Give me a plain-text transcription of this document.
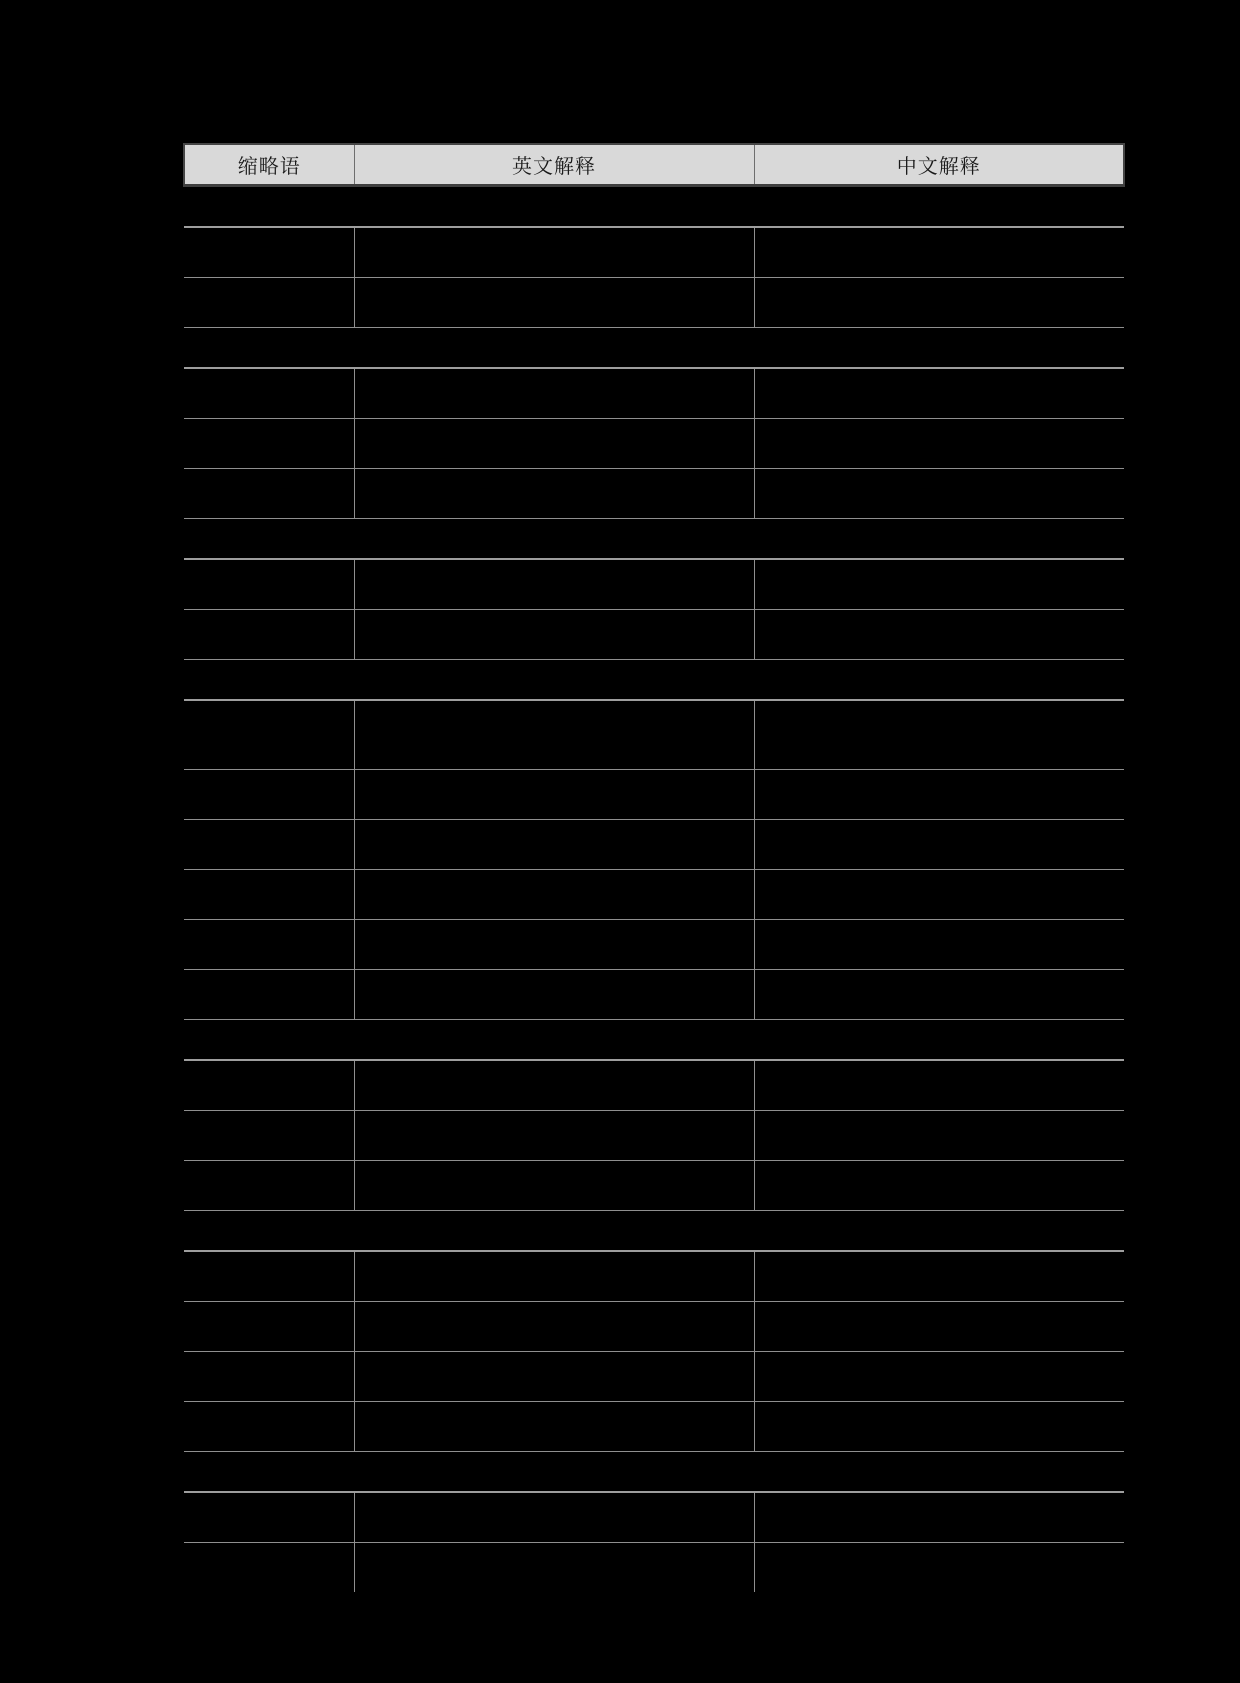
缩略语	英文解释	中文解释
